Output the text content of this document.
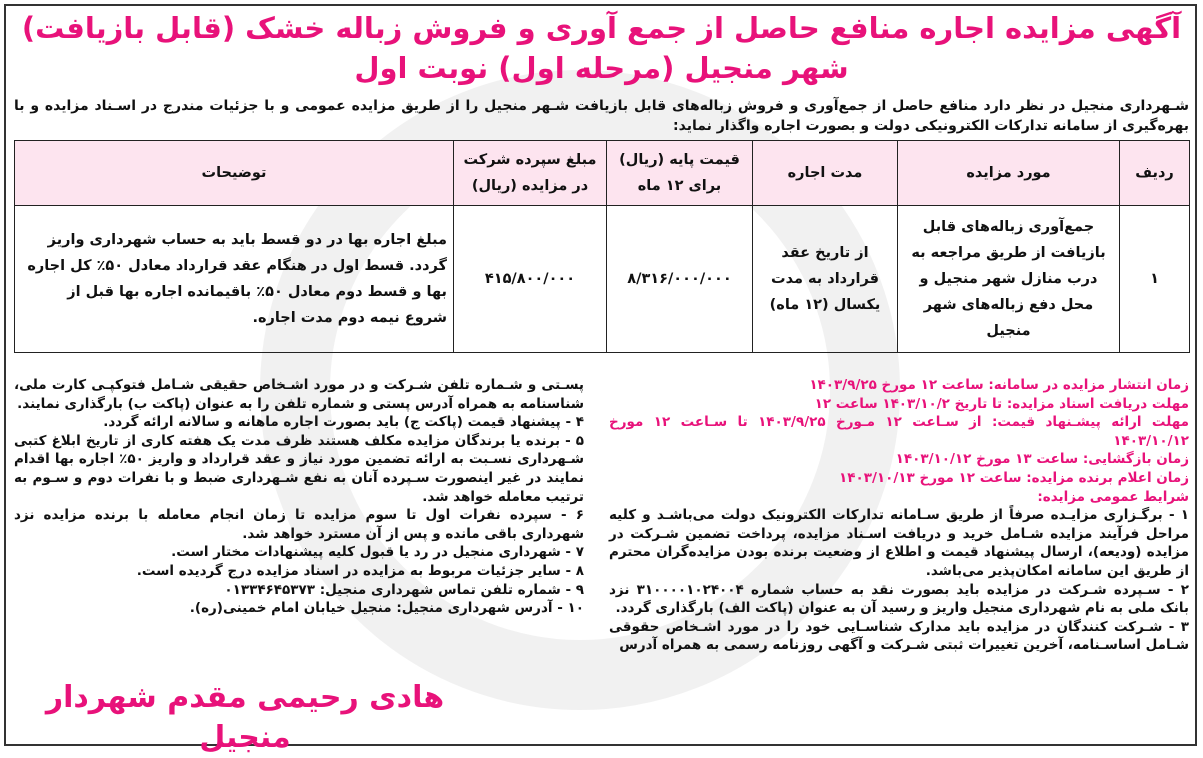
آگهی مزایده اجاره منافع حاصل از جمع آوری و فروش زباله خشک (قابل بازیافت)
شهر منجیل (مرحله اول) نوبت اول
شـهرداری منجیل در نظر دارد منافع حاصل از جمع‌آوری و فروش زباله‌های قابل بازیافت شـهر منجیل را از طریق مزایده عمومی و با جزئیات مندرج در اسـناد مزایده و با بهره‌گیری از سامانه تدارکات الکترونیکی دولت و بصورت اجاره واگذار نماید:
ردیف	مورد مزایده	مدت اجاره	قیمت پایه (ریال) برای ۱۲ ماه	مبلغ سپرده شرکت در مزایده (ریال)	توضیحات
۱	جمع‌آوری زباله‌های قابل بازیافت از طریق مراجعه به درب منازل شهر منجیل و محل دفع زباله‌های شهر منجیل	از تاریخ عقد قرارداد به مدت یکسال (۱۲ ماه)	۸/۳۱۶/۰۰۰/۰۰۰	۴۱۵/۸۰۰/۰۰۰	مبلغ اجاره بها در دو قسط باید به حساب شهرداری واریز گردد. قسط اول در هنگام عقد قرارداد معادل ۵۰٪ کل اجاره بها و قسط دوم معادل ۵۰٪ باقیمانده اجاره بها قبل از شروع نیمه دوم مدت اجاره.
زمان انتشار مزایده در سامانه: ساعت ۱۲ مورخ ۱۴۰۳/۹/۲۵
مهلت دریافت اسناد مزایده: تا تاریخ ۱۴۰۳/۱۰/۲ ساعت ۱۲
مهلت ارائه پیشـنهاد قیمت: از سـاعت ۱۲ مـورخ ۱۴۰۳/۹/۲۵ تا سـاعت ۱۲ مورخ ۱۴۰۳/۱۰/۱۲
زمان بازگشایی: ساعت ۱۳ مورخ ۱۴۰۳/۱۰/۱۲
زمان اعلام برنده مزایده: ساعت ۱۲ مورخ ۱۴۰۳/۱۰/۱۳
شرایط عمومی مزایده:
۱ - برگـزاری مزایـده صرفاً از طریق سـامانه تدارکات الکترونیک دولت می‌باشـد و کلیه مراحل فرآیند مزایده شـامل خرید و دریافت اسـناد مزایده، پرداخت تضمین شـرکت در مزایده (ودیعه)، ارسال پیشنهاد قیمت و اطلاع از وضعیت برنده بودن مزایده‌گران محترم از طریق این سامانه امکان‌پذیر می‌باشد.
۲ - سـپرده شـرکت در مزایده باید بصورت نقد به حساب شماره ۳۱۰۰۰۰۱۰۲۴۰۰۴ نزد بانک ملی به نام شهرداری منجیل واریز و رسید آن به عنوان (پاکت الف) بارگذاری گردد.
۳ - شـرکت کنندگان در مزایده باید مدارک شناسـایی خود را در مورد اشـخاص حقوقی شـامل اساسـنامه، آخرین تغییرات ثبتی شـرکت و آگهی روزنامه رسمی به همراه آدرس
پسـتی و شـماره تلفن شـرکت و در مورد اشـخاص حقیقی شـامل فتوکپـی کارت ملی، شناسنامه به همراه آدرس پستی و شماره تلفن را به عنوان (پاکت ب) بارگذاری نمایند.
۴ - پیشنهاد قیمت (پاکت ج) باید بصورت اجاره ماهانه و سالانه ارائه گردد.
۵ - برنده یا برندگان مزایده مکلف هستند ظرف مدت یک هفته کاری از تاریخ ابلاغ کتبی شـهرداری نسـبت به ارائه تضمین مورد نیاز و عقد قرارداد و واریز ۵۰٪ اجاره بها اقدام نمایند در غیر اینصورت سـپرده آنان به نفع شـهرداری ضبط و با نفرات دوم و سـوم به ترتیب معامله خواهد شد.
۶ - سپرده نفرات اول تا سوم مزایده تا زمان انجام معامله با برنده مزایده نزد شهرداری باقی مانده و پس از آن مسترد خواهد شد.
۷ - شهرداری منجیل در رد یا قبول کلیه پیشنهادات مختار است.
۸ - سایر جزئیات مربوط به مزایده در اسناد مزایده درج گردیده است.
۹ - شماره تلفن تماس شهرداری منجیل: ۰۱۳۳۴۶۴۵۳۷۳
۱۰ - آدرس شهرداری منجیل: منجیل خیابان امام خمینی(ره).
هادی رحیمی مقدم شهردار منجیل
